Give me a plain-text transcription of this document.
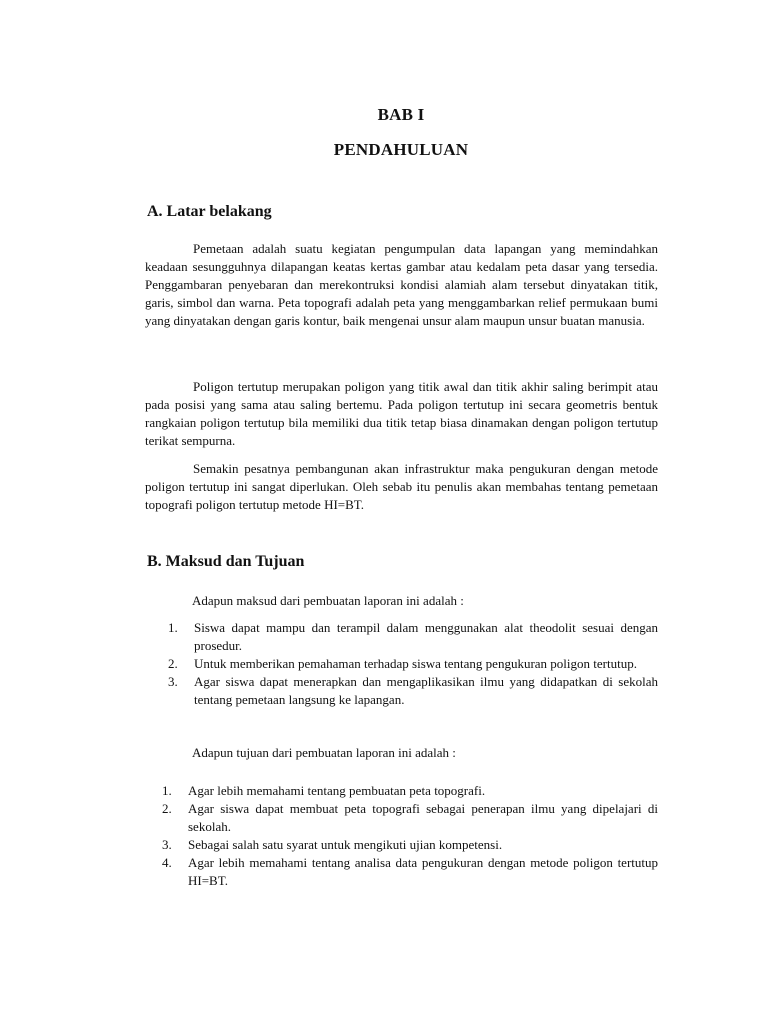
BAB I
PENDAHULUAN
A. Latar belakang

Pemetaan adalah suatu kegiatan pengumpulan data lapangan yang memindahkan keadaan sesungguhnya dilapangan keatas kertas gambar atau kedalam peta dasar yang tersedia. Penggambaran penyebaran dan merekontruksi kondisi alamiah alam tersebut dinyatakan titik, garis, simbol dan warna. Peta topografi adalah peta yang menggambarkan relief permukaan bumi yang dinyatakan dengan garis kontur, baik mengenai unsur alam maupun unsur buatan manusia.

Poligon tertutup merupakan poligon yang titik awal dan titik akhir saling berimpit atau pada posisi yang sama atau saling bertemu. Pada poligon tertutup ini secara geometris bentuk rangkaian poligon tertutup bila memiliki dua titik tetap biasa dinamakan dengan poligon tertutup terikat sempurna.

Semakin pesatnya pembangunan akan infrastruktur maka pengukuran dengan metode poligon tertutup ini sangat diperlukan. Oleh sebab itu penulis akan membahas tentang pemetaan topografi poligon tertutup metode HI=BT.

B. Maksud dan Tujuan
Adapun maksud dari pembuatan laporan ini adalah :
1. Siswa dapat mampu dan terampil dalam menggunakan alat theodolit sesuai dengan prosedur.
2. Untuk memberikan pemahaman terhadap siswa tentang pengukuran poligon tertutup.
3. Agar siswa dapat menerapkan dan mengaplikasikan ilmu yang didapatkan di sekolah tentang pemetaan langsung ke lapangan.
Adapun tujuan dari pembuatan laporan ini adalah :
1. Agar lebih memahami tentang pembuatan peta topografi.
2. Agar siswa dapat membuat peta topografi sebagai penerapan ilmu yang dipelajari di sekolah.
3. Sebagai salah satu syarat untuk mengikuti ujian kompetensi.
4. Agar lebih memahami tentang analisa data pengukuran dengan metode poligon tertutup HI=BT.
